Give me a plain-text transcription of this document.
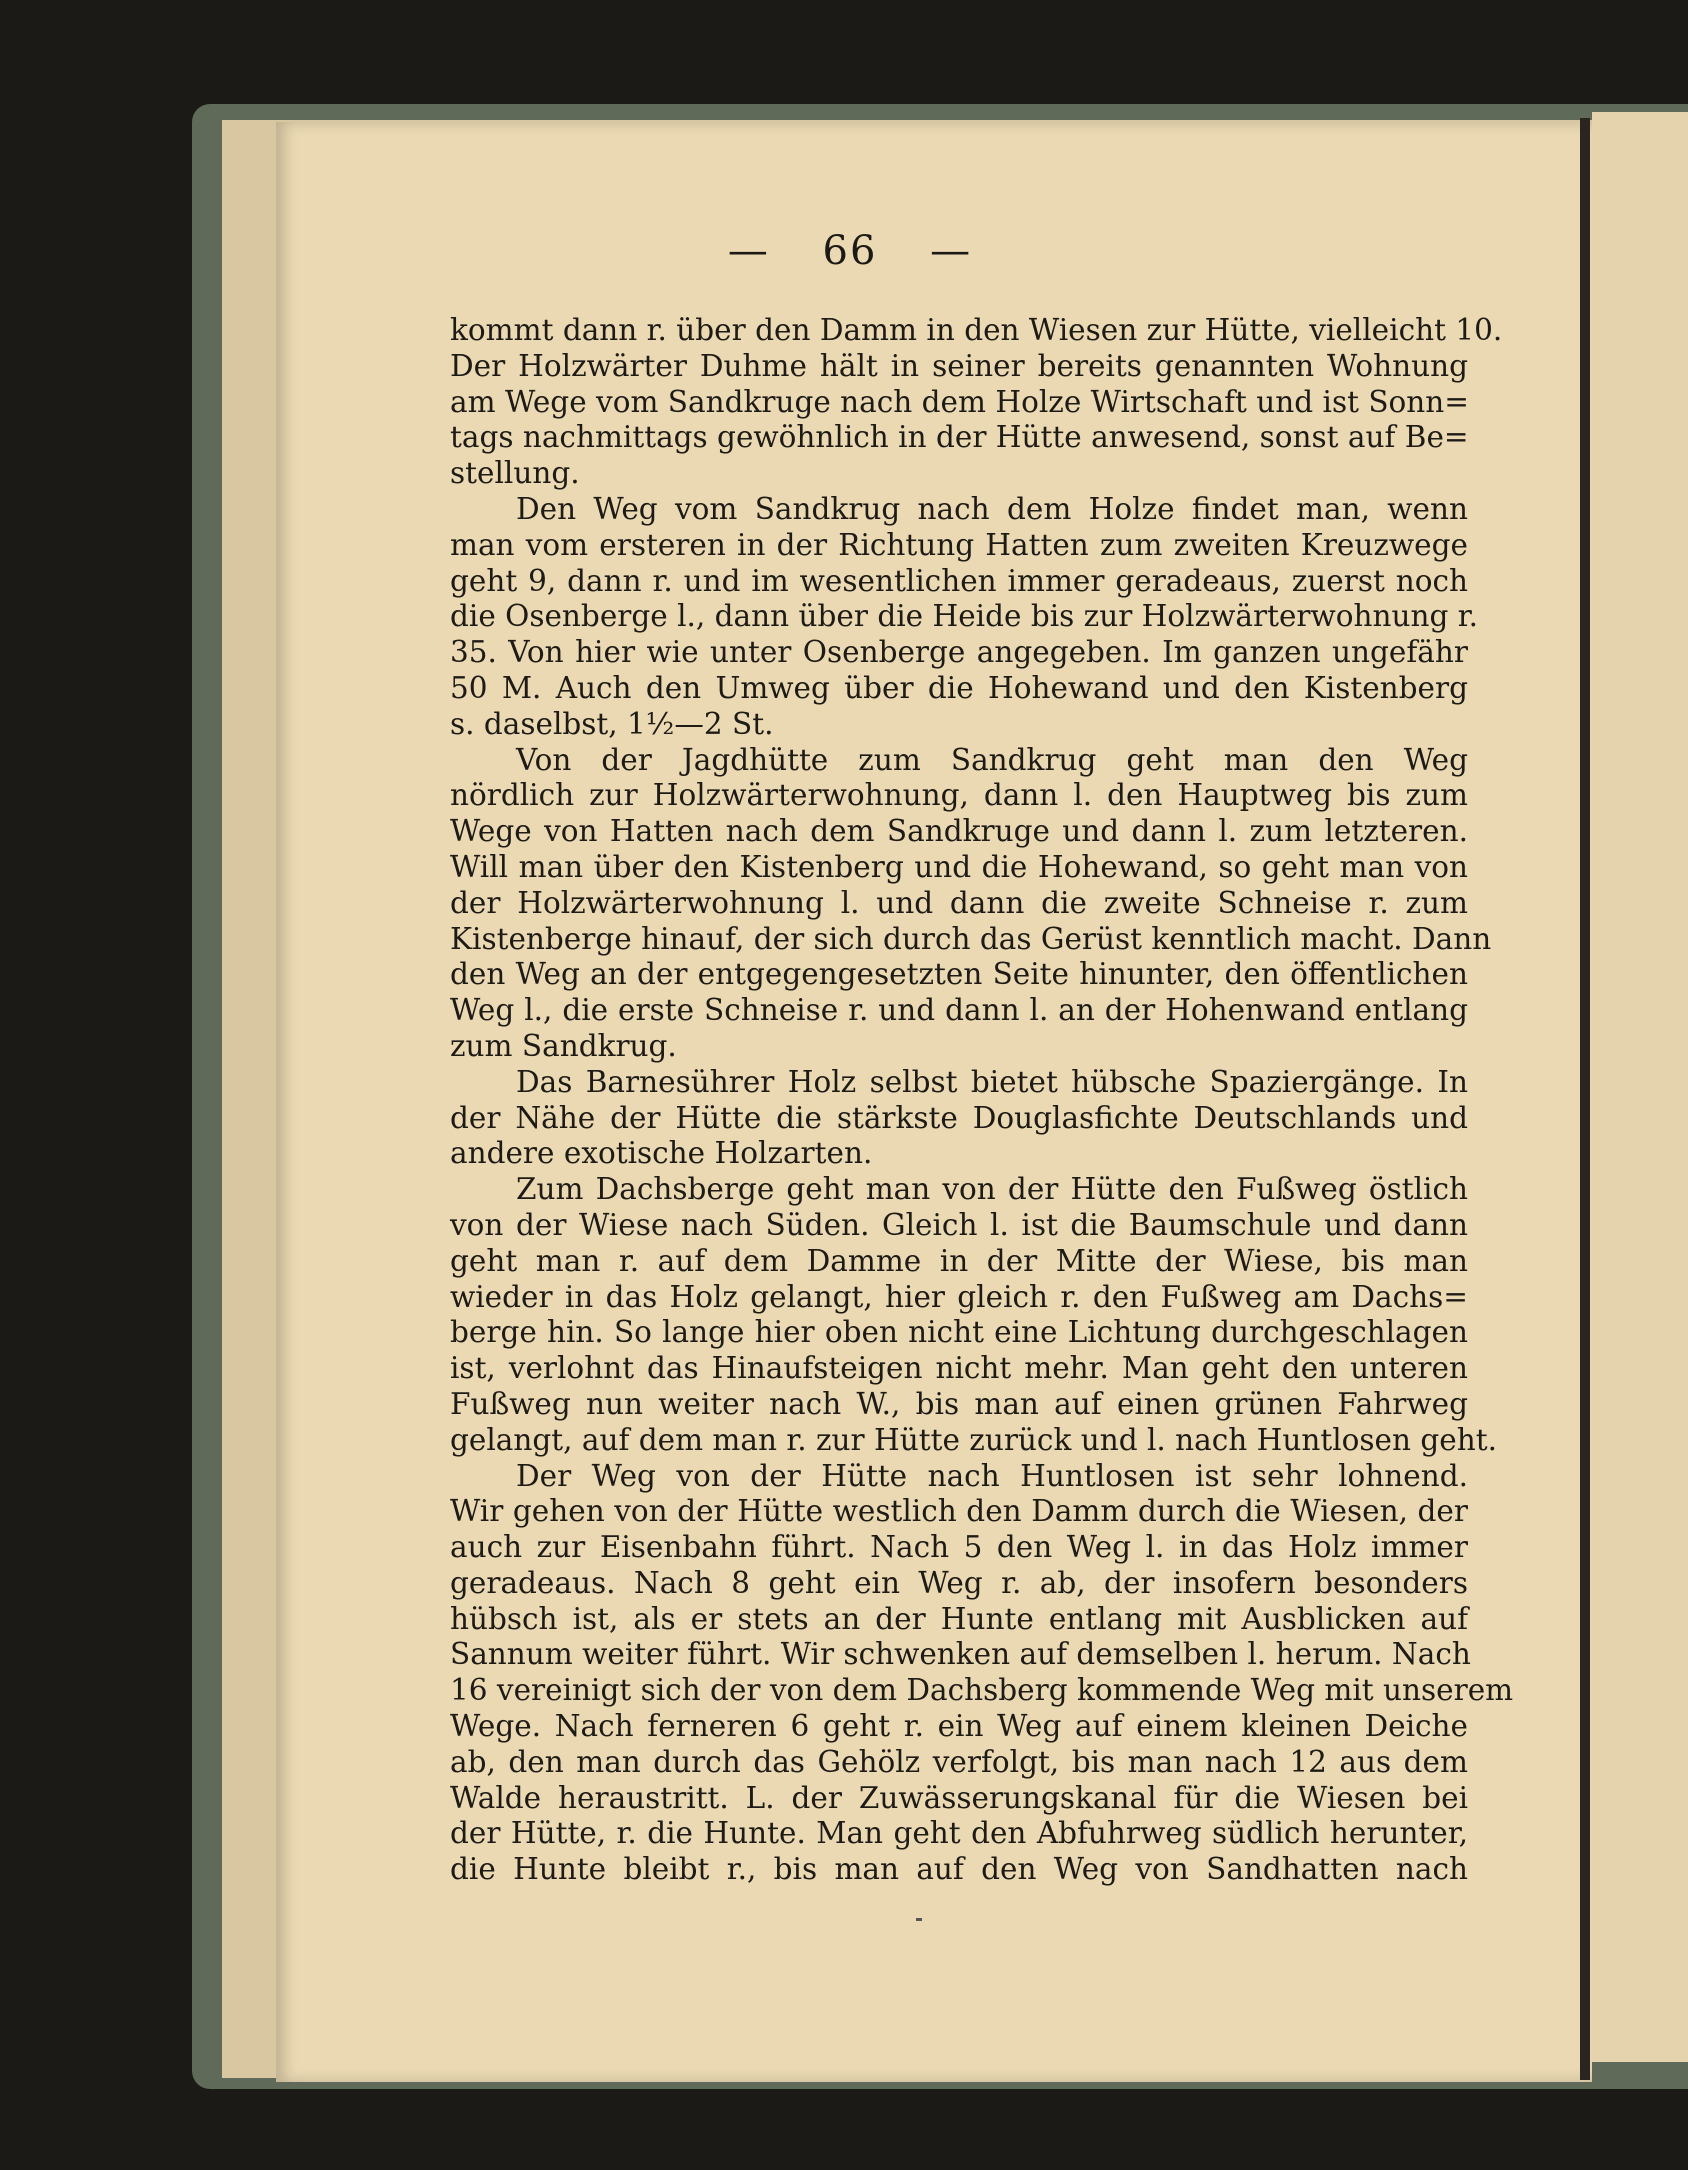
— 66 —
kommt dann r. über den Damm in den Wiesen zur Hütte, vielleicht 10.
Der Holzwärter Duhme hält in seiner bereits genannten Wohnung
am Wege vom Sandkruge nach dem Holze Wirtschaft und ist Sonn=
tags nachmittags gewöhnlich in der Hütte anwesend, sonst auf Be=
stellung.
Den Weg vom Sandkrug nach dem Holze findet man, wenn
man vom ersteren in der Richtung Hatten zum zweiten Kreuzwege
geht 9, dann r. und im wesentlichen immer geradeaus, zuerst noch
die Osenberge l., dann über die Heide bis zur Holzwärterwohnung r.
35. Von hier wie unter Osenberge angegeben. Im ganzen ungefähr
50 M. Auch den Umweg über die Hohewand und den Kistenberg
s. daselbst, 1½—2 St.
Von der Jagdhütte zum Sandkrug geht man den Weg
nördlich zur Holzwärterwohnung, dann l. den Hauptweg bis zum
Wege von Hatten nach dem Sandkruge und dann l. zum letzteren.
Will man über den Kistenberg und die Hohewand, so geht man von
der Holzwärterwohnung l. und dann die zweite Schneise r. zum
Kistenberge hinauf, der sich durch das Gerüst kenntlich macht. Dann
den Weg an der entgegengesetzten Seite hinunter, den öffentlichen
Weg l., die erste Schneise r. und dann l. an der Hohenwand entlang
zum Sandkrug.
Das Barnesührer Holz selbst bietet hübsche Spaziergänge. In
der Nähe der Hütte die stärkste Douglasfichte Deutschlands und
andere exotische Holzarten.
Zum Dachsberge geht man von der Hütte den Fußweg östlich
von der Wiese nach Süden. Gleich l. ist die Baumschule und dann
geht man r. auf dem Damme in der Mitte der Wiese, bis man
wieder in das Holz gelangt, hier gleich r. den Fußweg am Dachs=
berge hin. So lange hier oben nicht eine Lichtung durchgeschlagen
ist, verlohnt das Hinaufsteigen nicht mehr. Man geht den unteren
Fußweg nun weiter nach W., bis man auf einen grünen Fahrweg
gelangt, auf dem man r. zur Hütte zurück und l. nach Huntlosen geht.
Der Weg von der Hütte nach Huntlosen ist sehr lohnend.
Wir gehen von der Hütte westlich den Damm durch die Wiesen, der
auch zur Eisenbahn führt. Nach 5 den Weg l. in das Holz immer
geradeaus. Nach 8 geht ein Weg r. ab, der insofern besonders
hübsch ist, als er stets an der Hunte entlang mit Ausblicken auf
Sannum weiter führt. Wir schwenken auf demselben l. herum. Nach
16 vereinigt sich der von dem Dachsberg kommende Weg mit unserem
Wege. Nach ferneren 6 geht r. ein Weg auf einem kleinen Deiche
ab, den man durch das Gehölz verfolgt, bis man nach 12 aus dem
Walde heraustritt. L. der Zuwässerungskanal für die Wiesen bei
der Hütte, r. die Hunte. Man geht den Abfuhrweg südlich herunter,
die Hunte bleibt r., bis man auf den Weg von Sandhatten nach
